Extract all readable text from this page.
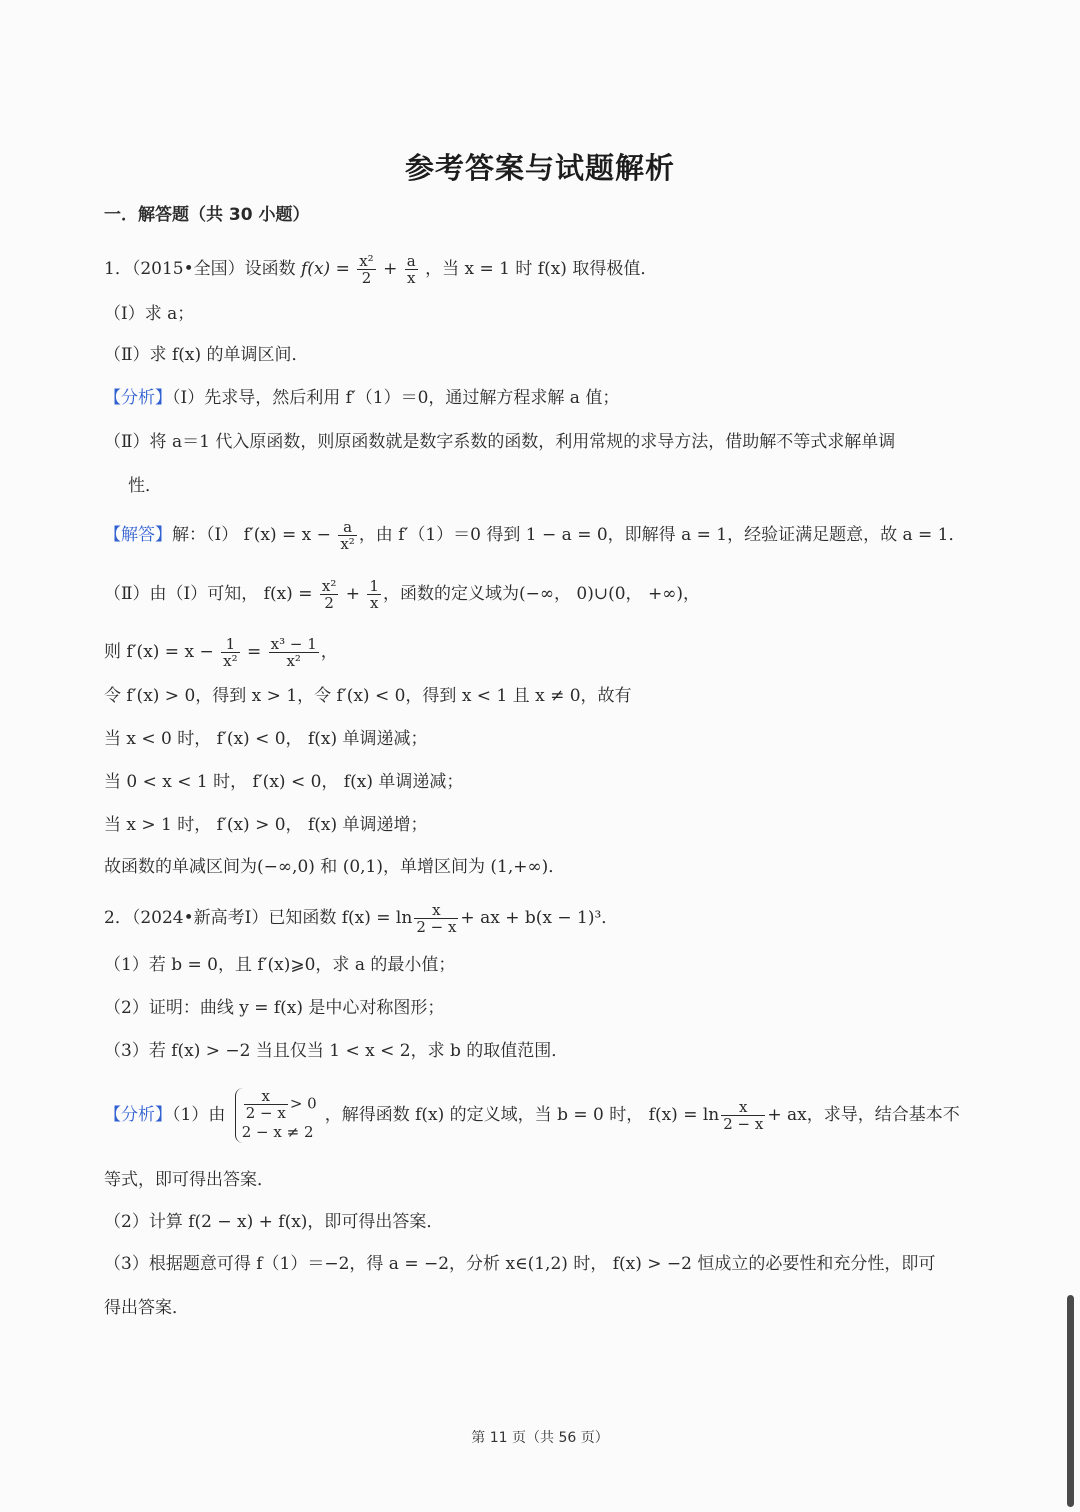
参考答案与试题解析
一．解答题（共 30 小题）
1．（2015•全国）设函数 $f(x) = \frac{\text{x²}}{2} + \frac{a}{x}$ ，当 x = 1 时 f(x) 取得极值．
（Ⅰ）求 a；
（Ⅱ）求 f(x) 的单调区间．
【分析】（Ⅰ）先求导，然后利用 f′（1）＝0，通过解方程求解 a 值；
（Ⅱ）将 a＝1 代入原函数，则原函数就是数字系数的函数，利用常规的求导方法，借助解不等式求解单调
性．
【解答】解：（Ⅰ） $f'(x) = x - \frac{a}{\text{x²}}$ ，由 f′（1）＝0 得到 1 − a = 0，即解得 a = 1，经验证满足题意，故 a = 1．
（Ⅱ）由（Ⅰ）可知， $f(x) = \frac{\text{x²}}{2} + \frac{1}{x}$ ，函数的定义域为(−∞， 0)∪(0， +∞)，
则 $f'(x) = x - \frac{1}{\text{x²}} = \frac{\text{x³ − 1}}{\text{x²}}$ ，
令 f′(x) > 0，得到 x > 1，令 f′(x) < 0，得到 x < 1 且 x ≠ 0，故有
当 x < 0 时， f′(x) < 0， f(x) 单调递减；
当 0 < x < 1 时， f′(x) < 0， f(x) 单调递减；
当 x > 1 时， f′(x) > 0， f(x) 单调递增；
故函数的单减区间为(−∞,0) 和 (0,1)，单增区间为 (1,+∞)．
2．（2024•新高考Ⅰ）已知函数 $f(x) = \ln \frac{x}{2 - x}$ + ax + b(x − 1)³．
（1）若 b = 0，且 f′(x)⩾0，求 a 的最小值；
（2）证明：曲线 y = f(x) 是中心对称图形；
（3）若 f(x) > −2 当且仅当 1 < x < 2，求 b 的取值范围．
【分析】（1）由 $\frac{x}{2 - x} > 0$
2 − x ≠ 2
，解得函数 f(x) 的定义域，当 b = 0 时， $f(x) = \ln \frac{x}{2 - x}$ + ax，求导，结合基本不
等式，即可得出答案．
（2）计算 f(2 − x) + f(x)，即可得出答案．
（3）根据题意可得 f（1）＝−2，得 a = −2，分析 x∈(1,2) 时， f(x) > −2 恒成立的必要性和充分性，即可
得出答案．
第 11 页（共 56 页）
